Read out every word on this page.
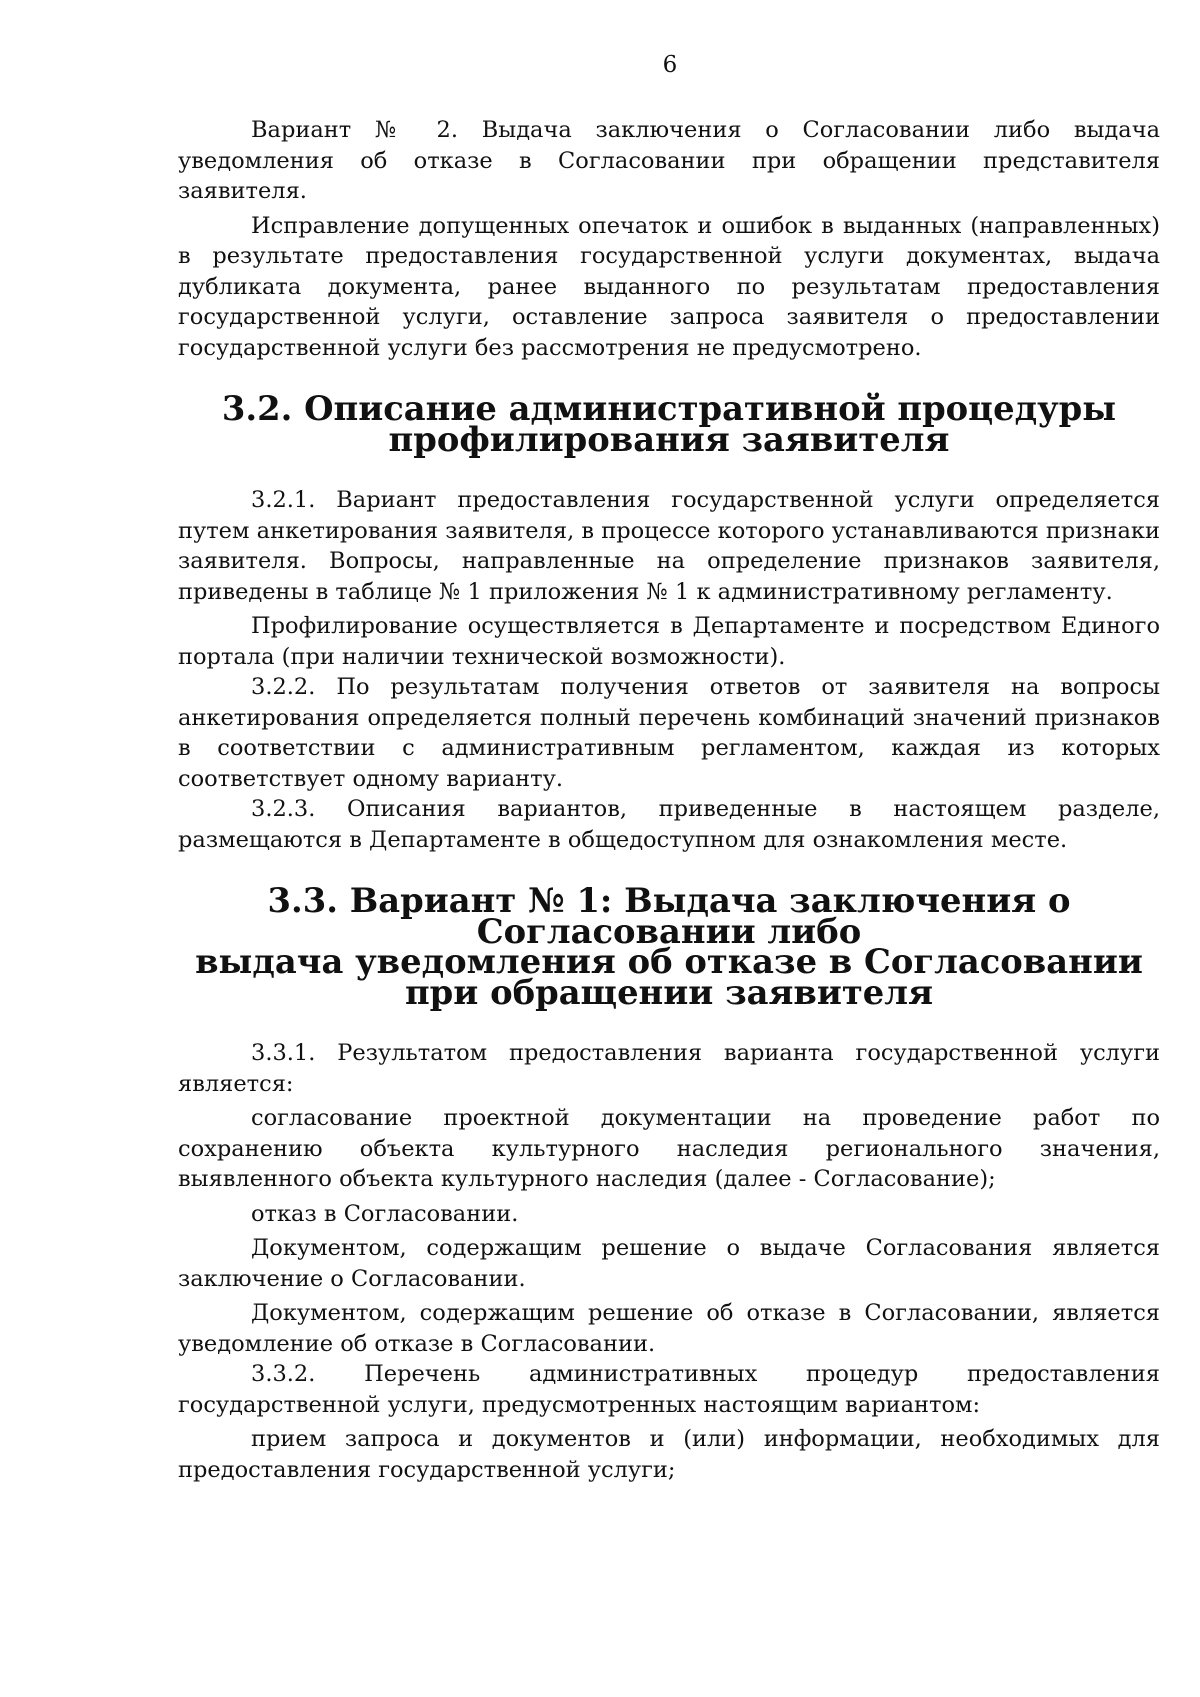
6

Вариант № 2. Выдача заключения о Согласовании либо выдача уведомления об отказе в Согласовании при обращении представителя заявителя.

Исправление допущенных опечаток и ошибок в выданных (направленных) в результате предоставления государственной услуги документах, выдача дубликата документа, ранее выданного по результатам предоставления государственной услуги, оставление запроса заявителя о предоставлении государственной услуги без рассмотрения не предусмотрено.

3.2. Описание административной процедуры
профилирования заявителя

3.2.1. Вариант предоставления государственной услуги определяется путем анкетирования заявителя, в процессе которого устанавливаются признаки заявителя. Вопросы, направленные на определение признаков заявителя, приведены в таблице № 1 приложения № 1 к административному регламенту.

Профилирование осуществляется в Департаменте и посредством Единого портала (при наличии технической возможности).

3.2.2. По результатам получения ответов от заявителя на вопросы анкетирования определяется полный перечень комбинаций значений признаков в соответствии с административным регламентом, каждая из которых соответствует одному варианту.

3.2.3. Описания вариантов, приведенные в настоящем разделе, размещаются в Департаменте в общедоступном для ознакомления месте.

3.3. Вариант № 1: Выдача заключения о Согласовании либо
выдача уведомления об отказе в Согласовании
при обращении заявителя

3.3.1. Результатом предоставления варианта государственной услуги является:

согласование проектной документации на проведение работ по сохранению объекта культурного наследия регионального значения, выявленного объекта культурного наследия (далее - Согласование);

отказ в Согласовании.

Документом, содержащим решение о выдаче Согласования является заключение о Согласовании.

Документом, содержащим решение об отказе в Согласовании, является уведомление об отказе в Согласовании.

3.3.2. Перечень административных процедур предоставления государственной услуги, предусмотренных настоящим вариантом:

прием запроса и документов и (или) информации, необходимых для предоставления государственной услуги;
